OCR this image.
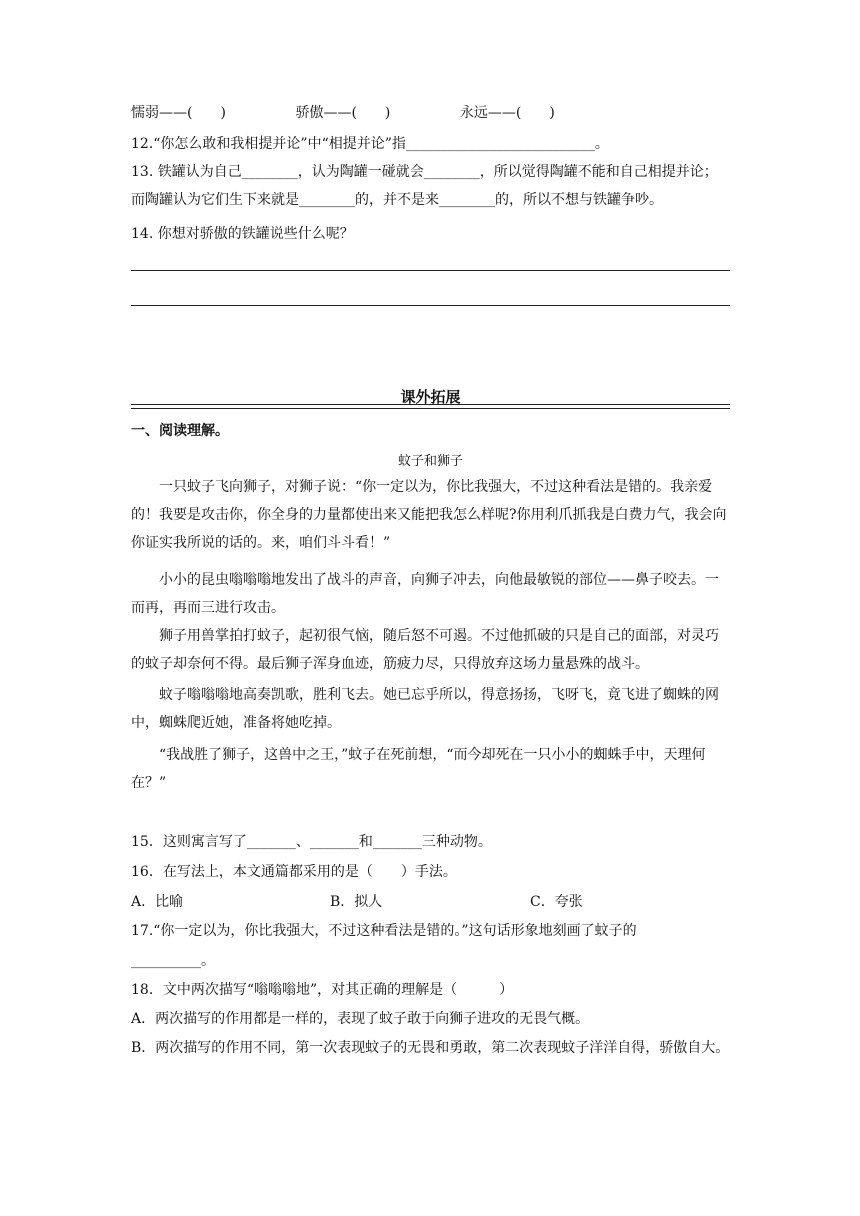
懦弱——(　　)	骄傲——(　　)	永远——(　　)
12.“你怎么敢和我相提并论”中“相提并论”指___________________________。
13. 铁罐认为自己________，认为陶罐一碰就会________，所以觉得陶罐不能和自己相提并论；而陶罐认为它们生下来就是________的，并不是来________的，所以不想与铁罐争吵。
14. 你想对骄傲的铁罐说些什么呢？
课外拓展
一、阅读理解。
蚊子和狮子
一只蚊子飞向狮子，对狮子说：“你一定以为，你比我强大，不过这种看法是错的。我亲爱的！我要是攻击你，你全身的力量都使出来又能把我怎么样呢?你用利爪抓我是白费力气，我会向你证实我所说的话的。来，咱们斗斗看！”
小小的昆虫嗡嗡嗡地发出了战斗的声音，向狮子冲去，向他最敏锐的部位——鼻子咬去。一而再，再而三进行攻击。
狮子用兽掌拍打蚊子，起初很气恼，随后怒不可遏。不过他抓破的只是自己的面部，对灵巧的蚊子却奈何不得。最后狮子浑身血迹，筋疲力尽，只得放弃这场力量悬殊的战斗。
蚊子嗡嗡嗡地高奏凯歌，胜利飞去。她已忘乎所以，得意扬扬，飞呀飞，竟飞进了蜘蛛的网中，蜘蛛爬近她，准备将她吃掉。
“我战胜了狮子，这兽中之王，”蚊子在死前想，“而今却死在一只小小的蜘蛛手中，天理何在？”
15．这则寓言写了_______、_______和_______三种动物。
16．在写法上，本文通篇都采用的是（　　）手法。
A．比喻	B．拟人	C．夸张
17.“你一定以为，你比我强大，不过这种看法是错的。”这句话形象地刻画了蚊子的
__________。
18．文中两次描写“嗡嗡嗡地”，对其正确的理解是（　　　）
A．两次描写的作用都是一样的，表现了蚊子敢于向狮子进攻的无畏气概。
B．两次描写的作用不同，第一次表现蚊子的无畏和勇敢，第二次表现蚊子洋洋自得，骄傲自大。
